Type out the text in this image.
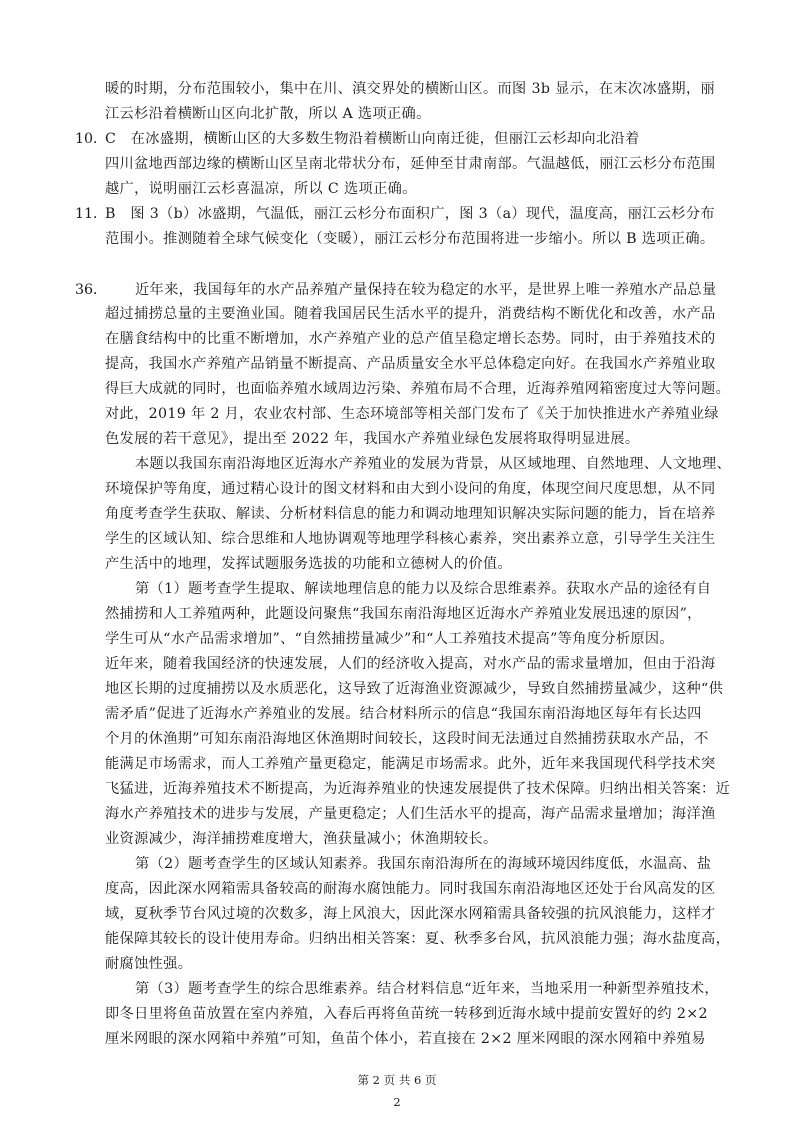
暖的时期，分布范围较小，集中在川、滇交界处的横断山区。而图 3b 显示，在末次冰盛期，丽
江云杉沿着横断山区向北扩散，所以 A 选项正确。
10．
C　在冰盛期，横断山区的大多数生物沿着横断山向南迁徙，但丽江云杉却向北沿着
四川盆地西部边缘的横断山区呈南北带状分布，延伸至甘肃南部。气温越低，丽江云杉分布范围
越广，说明丽江云杉喜温凉，所以 C 选项正确。
11．
B　图 3（b）冰盛期，气温低，丽江云杉分布面积广，图 3（a）现代，温度高，丽江云杉分布
范围小。推测随着全球气候变化（变暖），丽江云杉分布范围将进一步缩小。所以 B 选项正确。
36． 近年来，我国每年的水产品养殖产量保持在较为稳定的水平，是世界上唯一养殖水产品总量
超过捕捞总量的主要渔业国。随着我国居民生活水平的提升，消费结构不断优化和改善，水产品
在膳食结构中的比重不断增加，水产养殖产业的总产值呈稳定增长态势。同时，由于养殖技术的
提高，我国水产养殖产品销量不断提高、产品质量安全水平总体稳定向好。在我国水产养殖业取
得巨大成就的同时，也面临养殖水域周边污染、养殖布局不合理，近海养殖网箱密度过大等问题。
对此，2019 年 2 月，农业农村部、生态环境部等相关部门发布了《关于加快推进水产养殖业绿
色发展的若干意见》，提出至 2022 年，我国水产养殖业绿色发展将取得明显进展。
本题以我国东南沿海地区近海水产养殖业的发展为背景，从区域地理、自然地理、人文地理、
环境保护等角度，通过精心设计的图文材料和由大到小设问的角度，体现空间尺度思想，从不同
角度考查学生获取、解读、分析材料信息的能力和调动地理知识解决实际问题的能力，旨在培养
学生的区域认知、综合思维和人地协调观等地理学科核心素养，突出素养立意，引导学生关注生
产生活中的地理，发挥试题服务选拔的功能和立德树人的价值。
第（1）题考查学生提取、解读地理信息的能力以及综合思维素养。获取水产品的途径有自
然捕捞和人工养殖两种，此题设问聚焦“我国东南沿海地区近海水产养殖业发展迅速的原因”，
学生可从“水产品需求增加”、“自然捕捞量减少”和“人工养殖技术提高”等角度分析原因。
近年来，随着我国经济的快速发展，人们的经济收入提高，对水产品的需求量增加，但由于沿海
地区长期的过度捕捞以及水质恶化，这导致了近海渔业资源减少，导致自然捕捞量减少，这种“供
需矛盾”促进了近海水产养殖业的发展。结合材料所示的信息“我国东南沿海地区每年有长达四
个月的休渔期”可知东南沿海地区休渔期时间较长，这段时间无法通过自然捕捞获取水产品，不
能满足市场需求，而人工养殖产量更稳定，能满足市场需求。此外，近年来我国现代科学技术突
飞猛进，近海养殖技术不断提高，为近海养殖业的快速发展提供了技术保障。归纳出相关答案：近
海水产养殖技术的进步与发展，产量更稳定；人们生活水平的提高，海产品需求量增加；海洋渔
业资源减少，海洋捕捞难度增大，渔获量减小；休渔期较长。
第（2）题考查学生的区域认知素养。我国东南沿海所在的海域环境因纬度低，水温高、盐
度高，因此深水网箱需具备较高的耐海水腐蚀能力。同时我国东南沿海地区还处于台风高发的区
域，夏秋季节台风过境的次数多，海上风浪大，因此深水网箱需具备较强的抗风浪能力，这样才
能保障其较长的设计使用寿命。归纳出相关答案：夏、秋季多台风，抗风浪能力强；海水盐度高，
耐腐蚀性强。
第（3）题考查学生的综合思维素养。结合材料信息“近年来，当地采用一种新型养殖技术，
即冬日里将鱼苗放置在室内养殖，入春后再将鱼苗统一转移到近海水域中提前安置好的约 2×2
厘米网眼的深水网箱中养殖”可知，鱼苗个体小，若直接在 2×2 厘米网眼的深水网箱中养殖易
第 2 页 共 6 页
2
